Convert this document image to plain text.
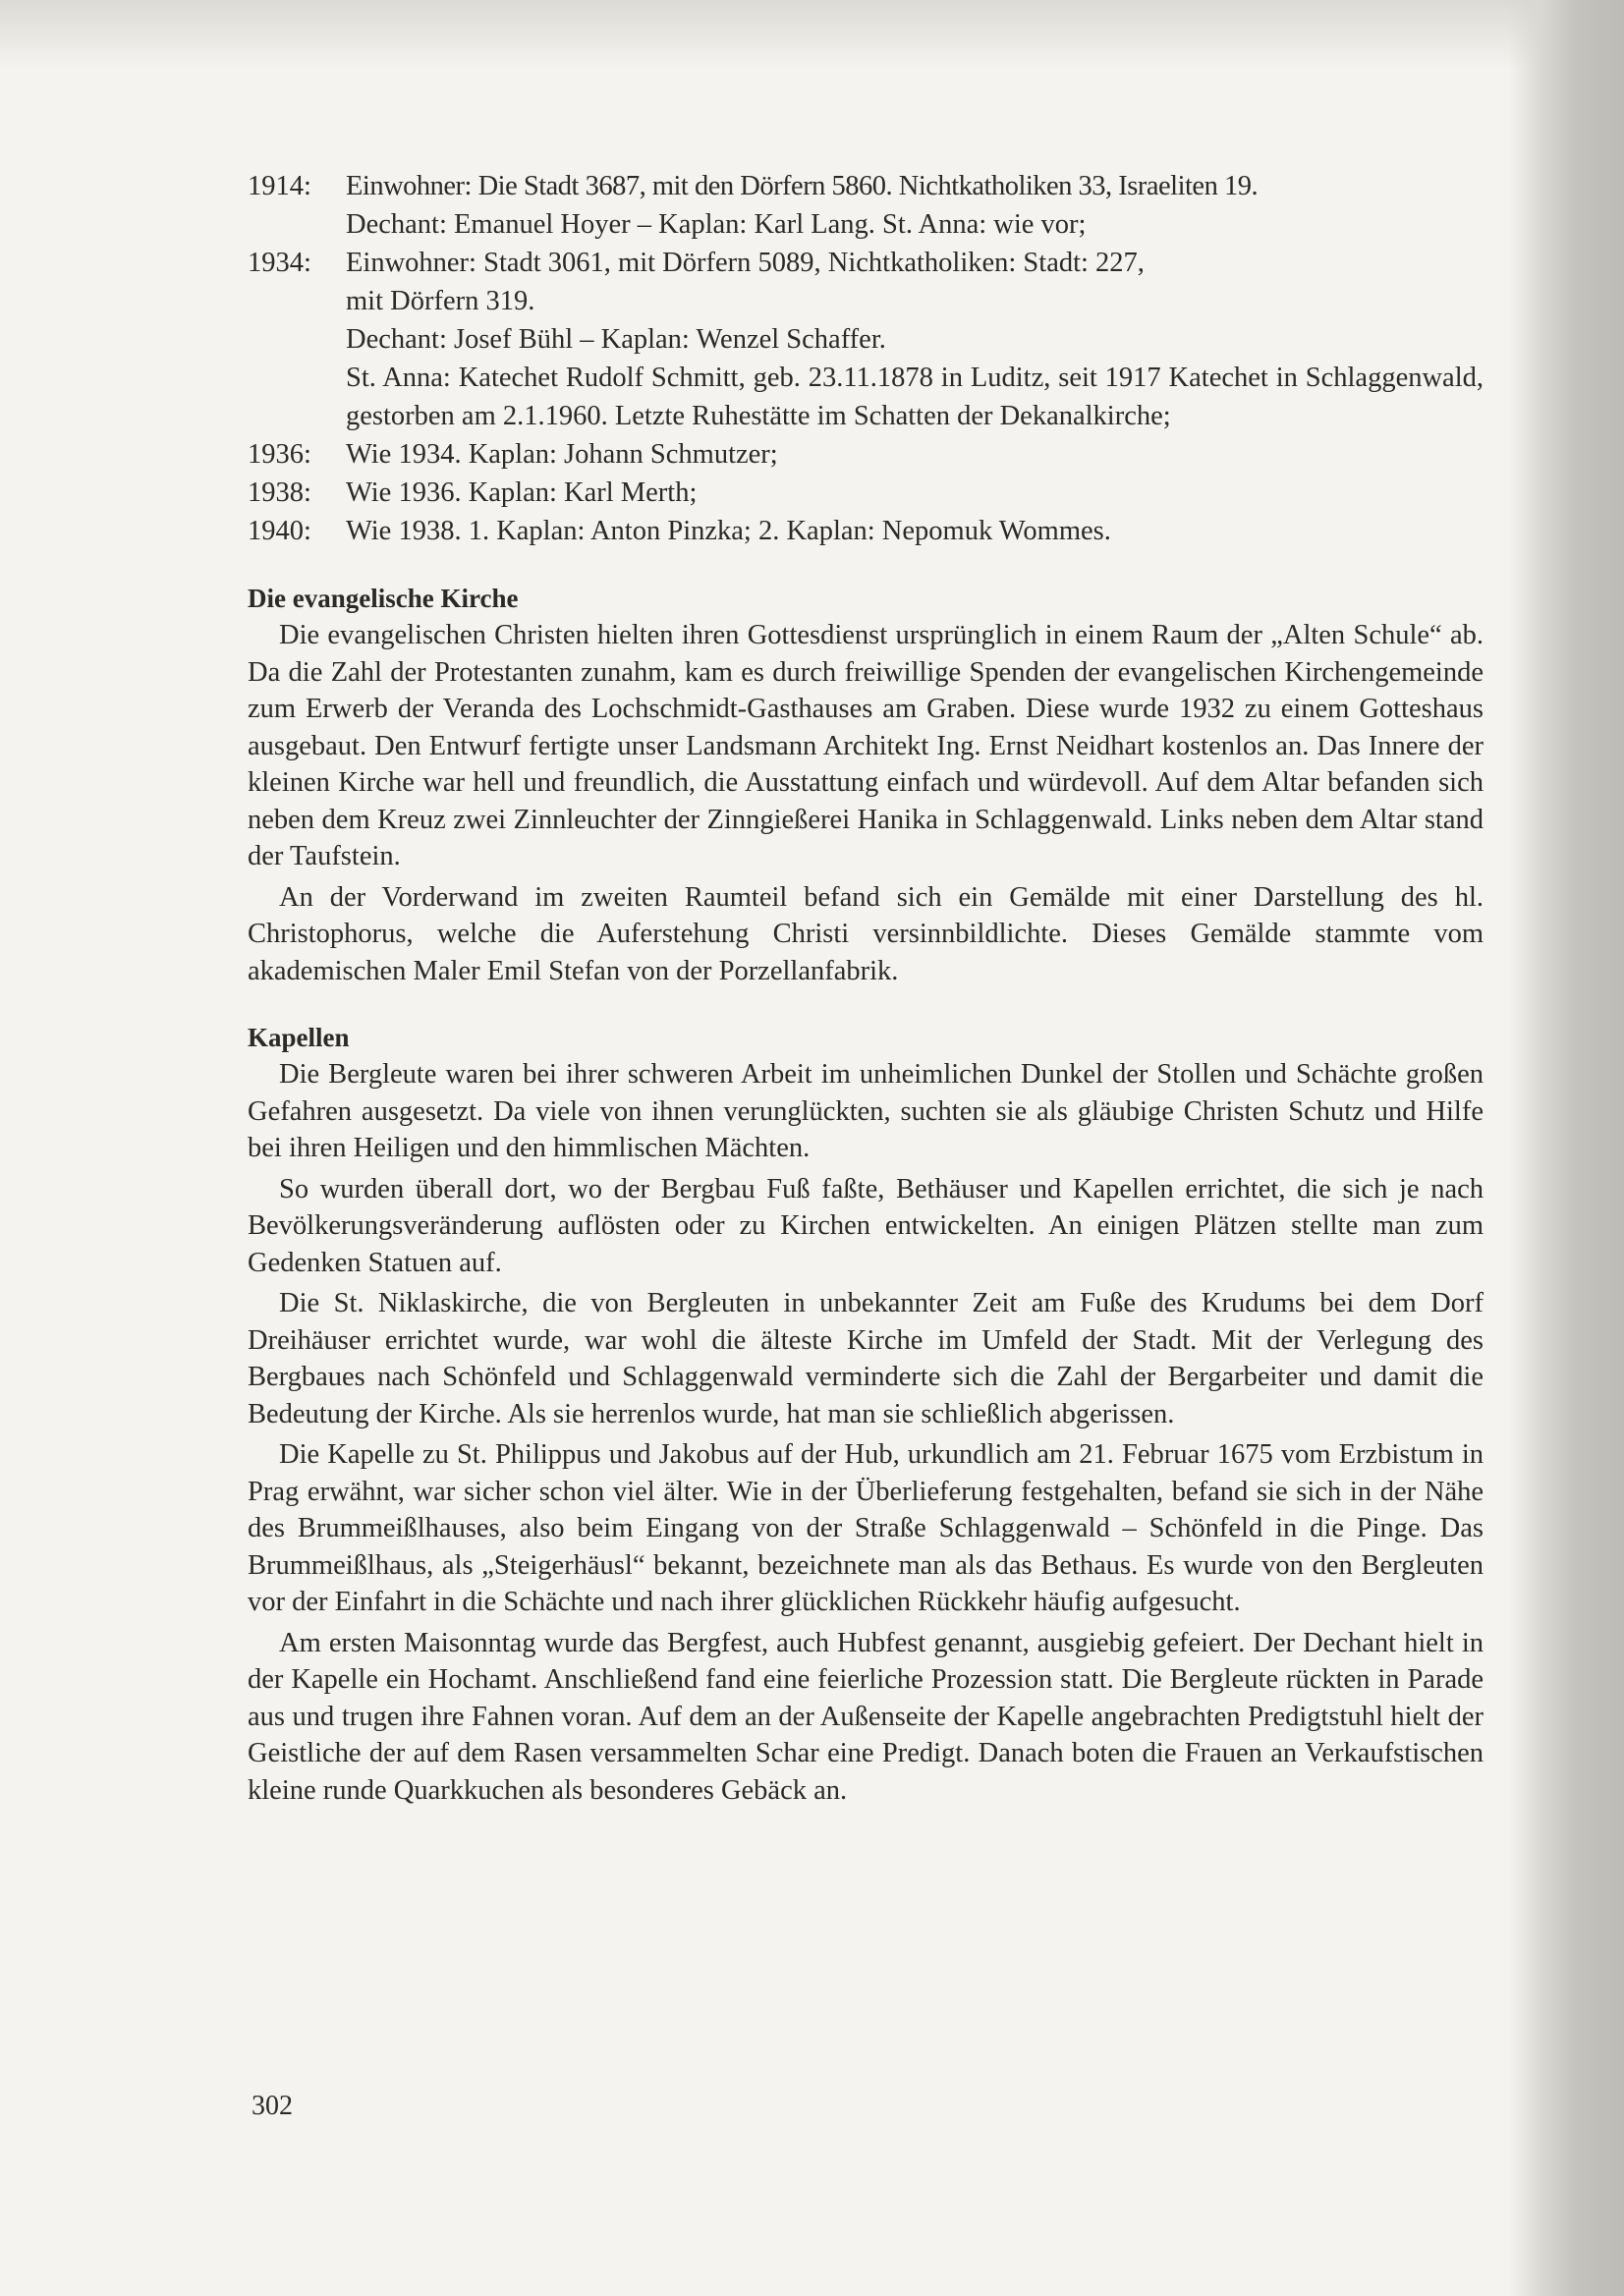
1914:	Einwohner: Die Stadt 3687, mit den Dörfern 5860. Nichtkatholiken 33, Israeliten 19.
Dechant: Emanuel Hoyer – Kaplan: Karl Lang. St. Anna: wie vor;
1934:	Einwohner: Stadt 3061, mit Dörfern 5089, Nichtkatholiken: Stadt: 227,
mit Dörfern 319.
Dechant: Josef Bühl – Kaplan: Wenzel Schaffer.
St. Anna: Katechet Rudolf Schmitt, geb. 23.11.1878 in Luditz, seit 1917 Katechet in Schlaggenwald, gestorben am 2.1.1960. Letzte Ruhestätte im Schatten der Dekanalkirche;
1936:	Wie 1934. Kaplan: Johann Schmutzer;
1938:	Wie 1936. Kaplan: Karl Merth;
1940:	Wie 1938. 1. Kaplan: Anton Pinzka; 2. Kaplan: Nepomuk Wommes.
Die evangelische Kirche

Die evangelischen Christen hielten ihren Gottesdienst ursprünglich in einem Raum der „Alten Schule“ ab. Da die Zahl der Protestanten zunahm, kam es durch freiwillige Spenden der evangelischen Kirchengemeinde zum Erwerb der Veranda des Lochschmidt-Gasthauses am Graben. Diese wurde 1932 zu einem Gotteshaus ausgebaut. Den Entwurf fertigte unser Landsmann Architekt Ing. Ernst Neidhart kostenlos an. Das Innere der kleinen Kirche war hell und freundlich, die Ausstattung einfach und würdevoll. Auf dem Altar befanden sich neben dem Kreuz zwei Zinnleuchter der Zinngießerei Hanika in Schlaggenwald. Links neben dem Altar stand der Taufstein.

An der Vorderwand im zweiten Raumteil befand sich ein Gemälde mit einer Darstellung des hl. Christophorus, welche die Auferstehung Christi versinnbildlichte. Dieses Gemälde stammte vom akademischen Maler Emil Stefan von der Porzellanfabrik.

Kapellen

Die Bergleute waren bei ihrer schweren Arbeit im unheimlichen Dunkel der Stollen und Schächte großen Gefahren ausgesetzt. Da viele von ihnen verunglückten, suchten sie als gläubige Christen Schutz und Hilfe bei ihren Heiligen und den himmlischen Mächten.

So wurden überall dort, wo der Bergbau Fuß faßte, Bethäuser und Kapellen errichtet, die sich je nach Bevölkerungsveränderung auflösten oder zu Kirchen entwickelten. An einigen Plätzen stellte man zum Gedenken Statuen auf.

Die St. Niklaskirche, die von Bergleuten in unbekannter Zeit am Fuße des Krudums bei dem Dorf Dreihäuser errichtet wurde, war wohl die älteste Kirche im Umfeld der Stadt. Mit der Verlegung des Bergbaues nach Schönfeld und Schlaggenwald verminderte sich die Zahl der Bergarbeiter und damit die Bedeutung der Kirche. Als sie herrenlos wurde, hat man sie schließlich abgerissen.

Die Kapelle zu St. Philippus und Jakobus auf der Hub, urkundlich am 21. Februar 1675 vom Erzbistum in Prag erwähnt, war sicher schon viel älter. Wie in der Überlieferung festgehalten, befand sie sich in der Nähe des Brummeißlhauses, also beim Eingang von der Straße Schlaggenwald – Schönfeld in die Pinge. Das Brummeißlhaus, als „Steigerhäusl“ bekannt, bezeichnete man als das Bethaus. Es wurde von den Bergleuten vor der Einfahrt in die Schächte und nach ihrer glücklichen Rückkehr häufig aufgesucht.

Am ersten Maisonntag wurde das Bergfest, auch Hubfest genannt, ausgiebig gefeiert. Der Dechant hielt in der Kapelle ein Hochamt. Anschließend fand eine feierliche Prozession statt. Die Bergleute rückten in Parade aus und trugen ihre Fahnen voran. Auf dem an der Außenseite der Kapelle angebrachten Predigtstuhl hielt der Geistliche der auf dem Rasen versammelten Schar eine Predigt. Danach boten die Frauen an Verkaufstischen kleine runde Quarkkuchen als besonderes Gebäck an.

302
